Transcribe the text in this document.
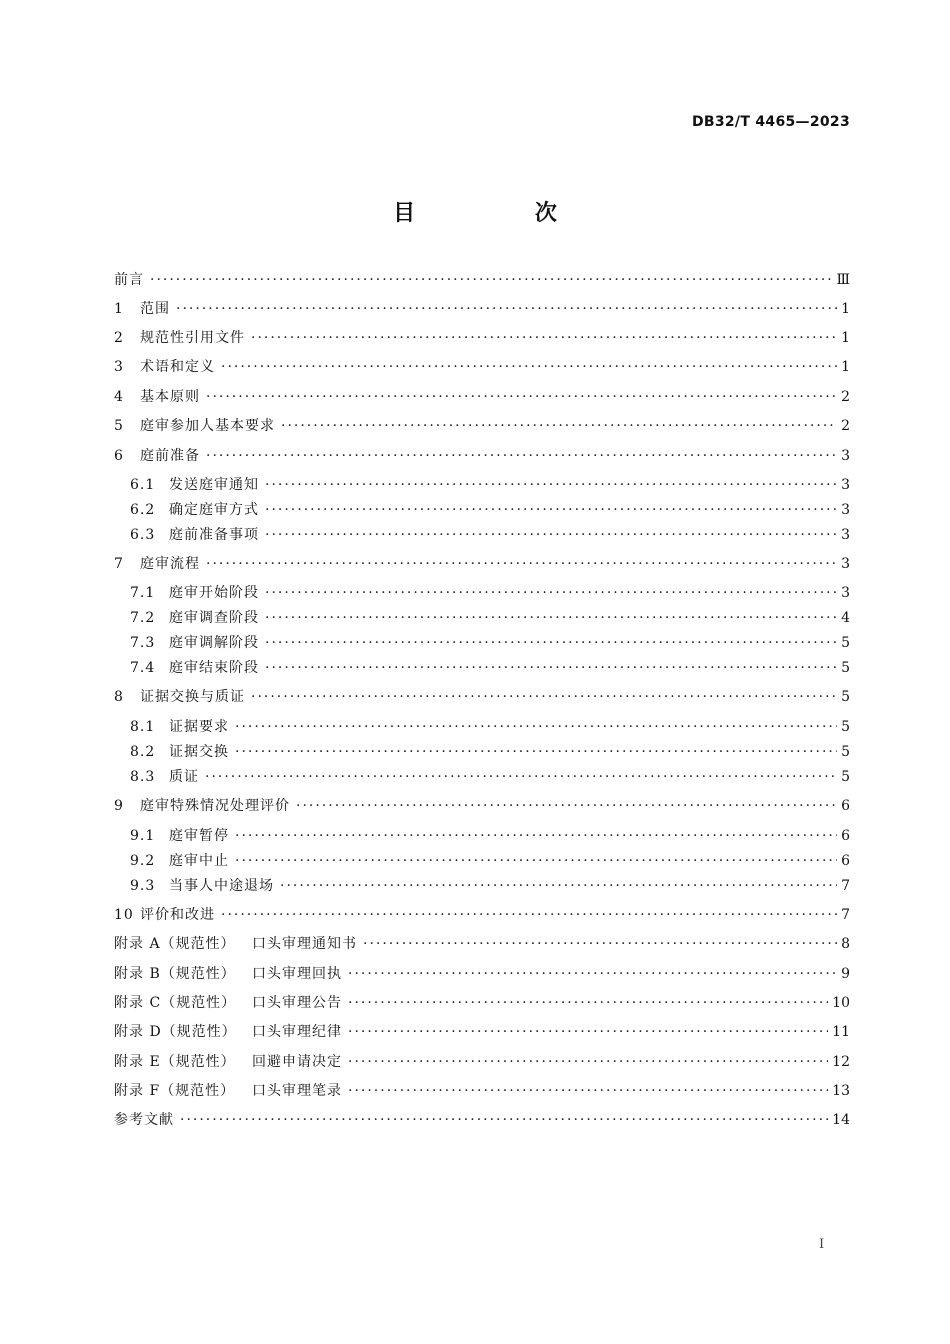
DB32/T 4465—2023
目 次
前言 ·····	Ⅲ
1	范围 ·····	1
2	规范性引用文件 ·····	1
3	术语和定义 ·····	1
4	基本原则 ·····	2
5	庭审参加人基本要求 ·····	2
6	庭前准备 ·····	3
6.1 发送庭审通知 ·····	3
6.2 确定庭审方式 ·····	3
6.3 庭前准备事项 ·····	3
7	庭审流程 ·····	3
7.1 庭审开始阶段 ·····	3
7.2 庭审调查阶段 ·····	4
7.3 庭审调解阶段 ·····	5
7.4 庭审结束阶段 ·····	5
8	证据交换与质证 ·····	5
8.1 证据要求 ·····	5
8.2 证据交换 ·····	5
8.3 质证 ·····	5
9	庭审特殊情况处理评价 ·····	6
9.1 庭审暂停 ·····	6
9.2 庭审中止 ·····	6
9.3 当事人中途退场 ·····	7
10 评价和改进 ·····	7
附录 A（规范性）	口头审理通知书 ·····	8
附录 B（规范性）	口头审理回执 ·····	9
附录 C（规范性）	口头审理公告 ·····	10
附录 D（规范性）	口头审理纪律 ·····	11
附录 E（规范性）	回避申请决定 ·····	12
附录 F（规范性）	口头审理笔录 ·····	13
参考文献 ·····	14
I
